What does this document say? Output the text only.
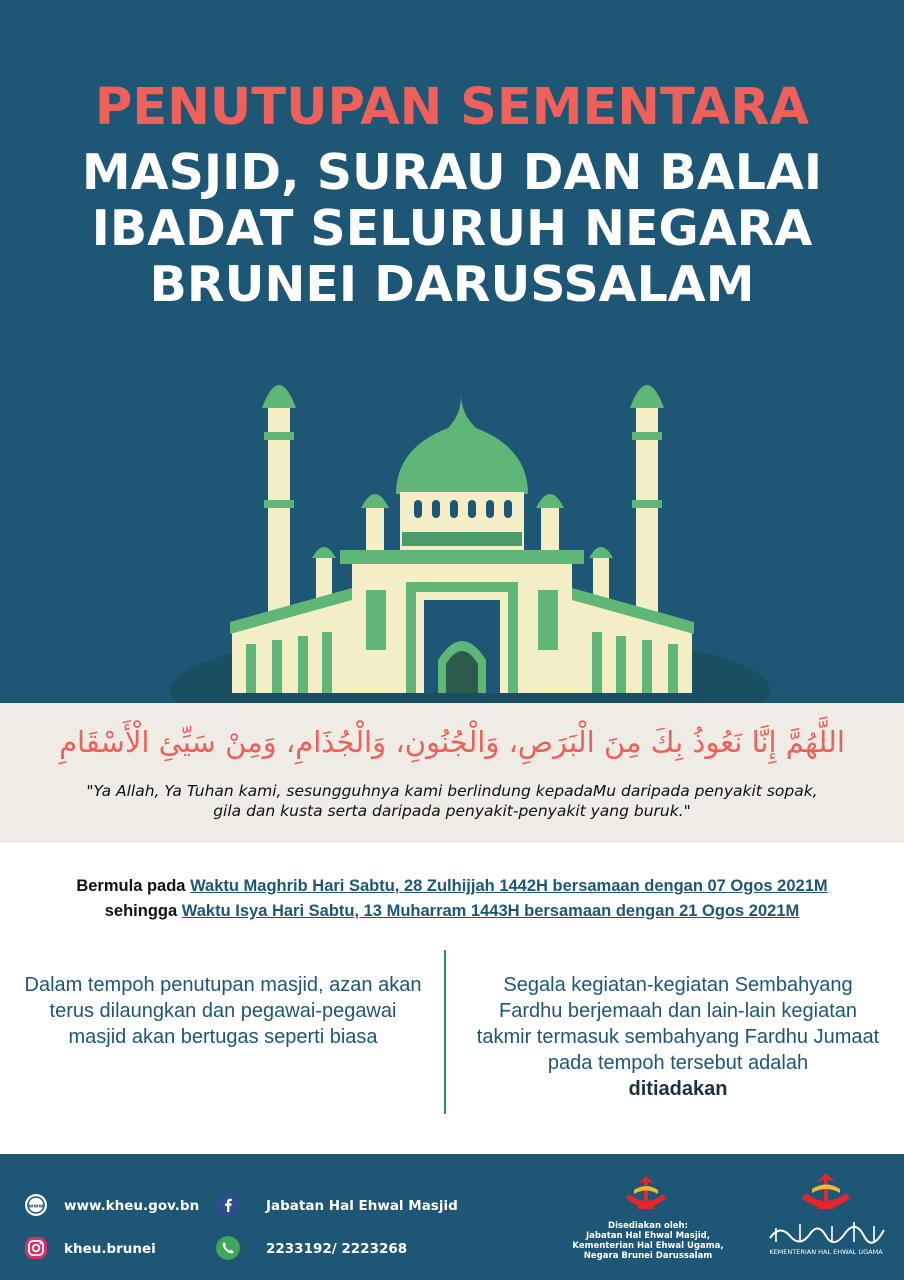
PENUTUPAN SEMENTARA
MASJID, SURAU DAN BALAI
IBADAT SELURUH NEGARA
BRUNEI DARUSSALAM
اللَّهُمَّ إِنَّا نَعُوذُ بِكَ مِنَ الْبَرَصِ، وَالْجُنُونِ، وَالْجُذَامِ، وَمِنْ سَيِّئِ الْأَسْقَامِ
"Ya Allah, Ya Tuhan kami, sesungguhnya kami berlindung kepadaMu daripada penyakit sopak,
gila dan kusta serta daripada penyakit-penyakit yang buruk."
Bermula pada Waktu Maghrib Hari Sabtu, 28 Zulhijjah 1442H bersamaan dengan 07 Ogos 2021M
sehingga Waktu Isya Hari Sabtu, 13 Muharram 1443H bersamaan dengan 21 Ogos 2021M
Dalam tempoh penutupan masjid, azan akan terus dilaungkan dan pegawai-pegawai masjid akan bertugas seperti biasa
Segala kegiatan-kegiatan Sembahyang Fardhu berjemaah dan lain-lain kegiatan takmir termasuk sembahyang Fardhu Jumaat pada tempoh tersebut adalah
ditiadakan
www www.kheu.gov.bn
kheu.brunei
Jabatan Hal Ehwal Masjid
2233192/ 2223268
Disediakan oleh:
Jabatan Hal Ehwal Masjid,
Kementerian Hal Ehwal Ugama,
Negara Brunei Darussalam	KEMENTERIAN HAL EHWAL UGAMA
